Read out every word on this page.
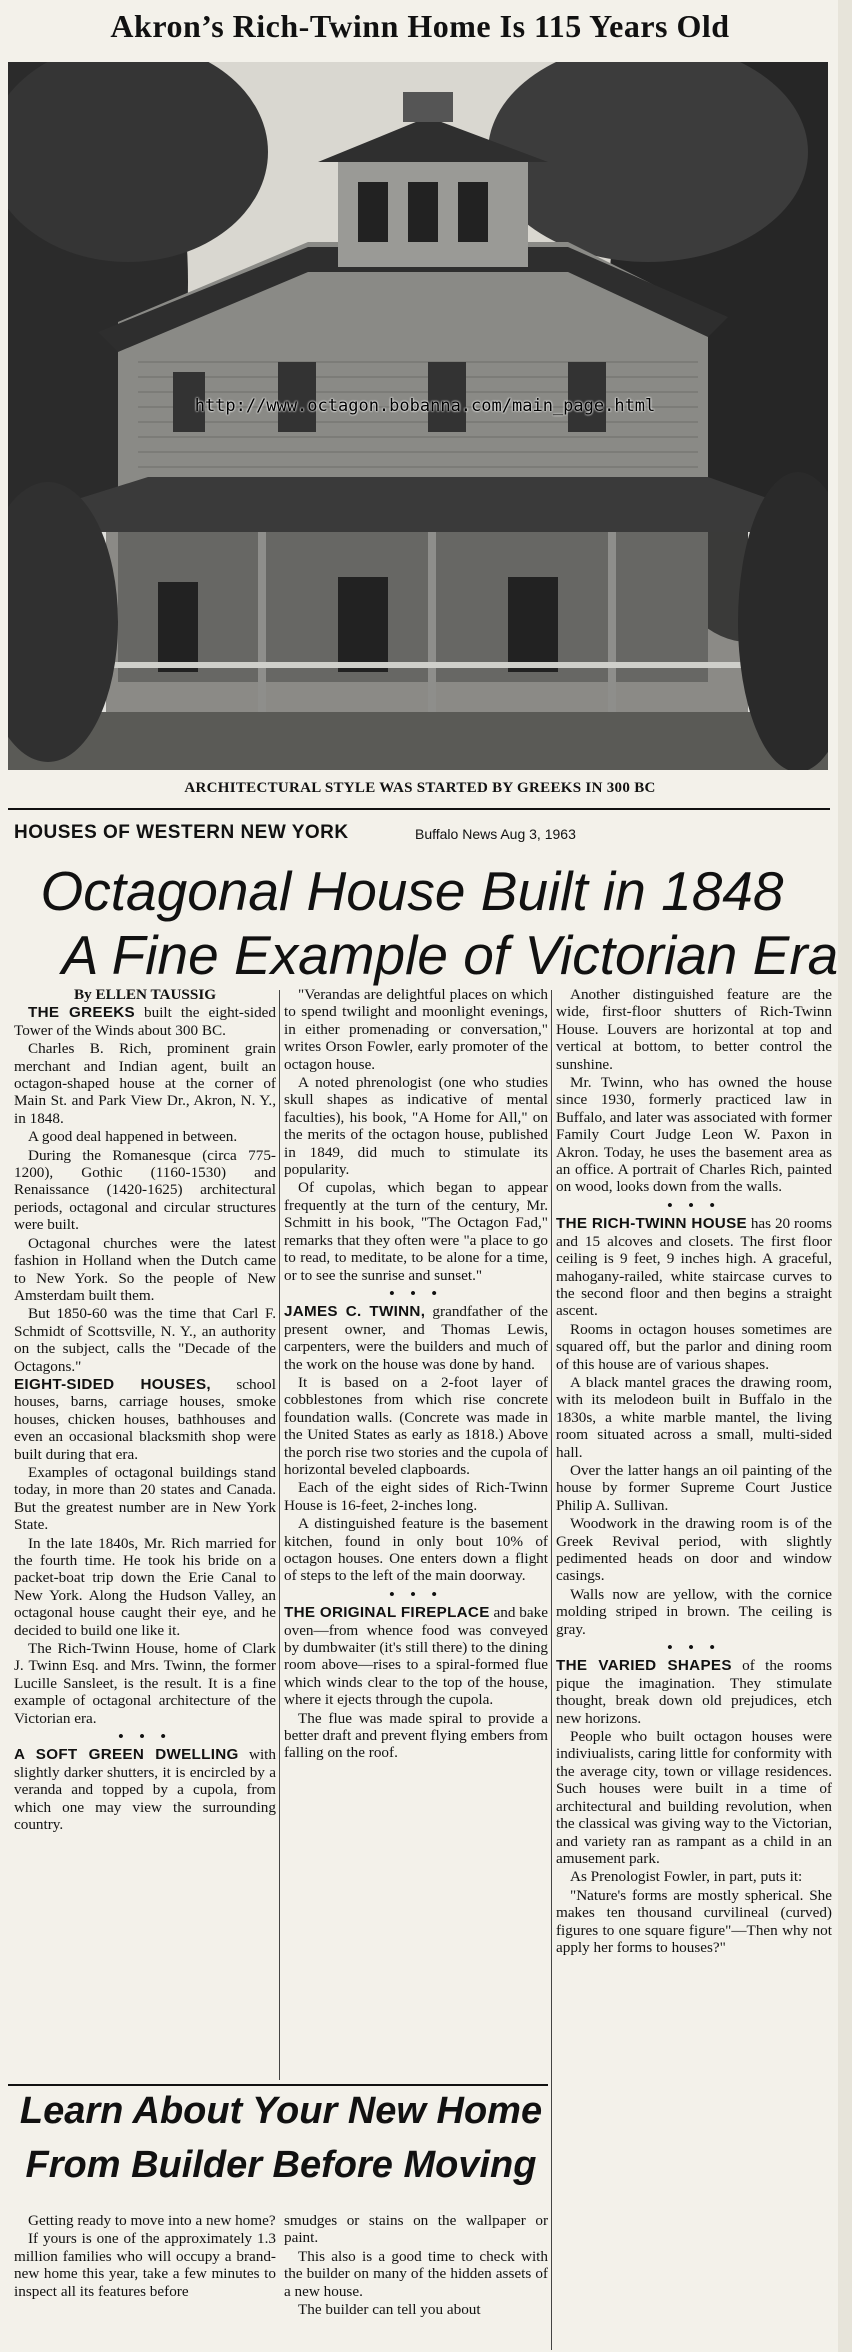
Akron’s Rich-Twinn Home Is 115 Years Old
http://www.octagon.bobanna.com/main_page.html
ARCHITECTURAL STYLE WAS STARTED BY GREEKS IN 300 BC
HOUSES OF WESTERN NEW YORK	Buffalo News Aug 3, 1963
Octagonal House Built in 1848
A Fine Example of Victorian Era

By ELLEN TAUSSIG

THE GREEKS built the eight-sided Tower of the Winds about 300 BC.

Charles B. Rich, prominent grain merchant and Indian agent, built an octagon-shaped house at the corner of Main St. and Park View Dr., Akron, N. Y., in 1848.

A good deal happened in between.

During the Romanesque (circa 775-1200), Gothic (1160-1530) and Renaissance (1420-1625) architectural periods, octagonal and circular structures were built.

Octagonal churches were the latest fashion in Holland when the Dutch came to New York. So the people of New Amsterdam built them.

But 1850-60 was the time that Carl F. Schmidt of Scottsville, N. Y., an authority on the subject, calls the "Decade of the Octagons."

EIGHT-SIDED HOUSES, school houses, barns, carriage houses, smoke houses, chicken houses, bathhouses and even an occasional blacksmith shop were built during that era.

Examples of octagonal buildings stand today, in more than 20 states and Canada. But the greatest number are in New York State.

In the late 1840s, Mr. Rich married for the fourth time. He took his bride on a packet-boat trip down the Erie Canal to New York. Along the Hudson Valley, an octagonal house caught their eye, and he decided to build one like it.

The Rich-Twinn House, home of Clark J. Twinn Esq. and Mrs. Twinn, the former Lucille Sansleet, is the result. It is a fine example of octagonal architecture of the Victorian era.

• • •

A SOFT GREEN DWELLING with slightly darker shutters, it is encircled by a veranda and topped by a cupola, from which one may view the surrounding country.

"Verandas are delightful places on which to spend twilight and moonlight evenings, in either promenading or conversation," writes Orson Fowler, early promoter of the octagon house.

A noted phrenologist (one who studies skull shapes as indicative of mental faculties), his book, "A Home for All," on the merits of the octagon house, published in 1849, did much to stimulate its popularity.

Of cupolas, which began to appear frequently at the turn of the century, Mr. Schmitt in his book, "The Octagon Fad," remarks that they often were "a place to go to read, to meditate, to be alone for a time, or to see the sunrise and sunset."

• • •

JAMES C. TWINN, grandfather of the present owner, and Thomas Lewis, carpenters, were the builders and much of the work on the house was done by hand.

It is based on a 2-foot layer of cobblestones from which rise concrete foundation walls. (Concrete was made in the United States as early as 1818.) Above the porch rise two stories and the cupola of horizontal beveled clapboards.

Each of the eight sides of Rich-Twinn House is 16-feet, 2-inches long.

A distinguished feature is the basement kitchen, found in only bout 10% of octagon houses. One enters down a flight of steps to the left of the main doorway.

• • •

THE ORIGINAL FIREPLACE and bake oven—from whence food was conveyed by dumbwaiter (it's still there) to the dining room above—rises to a spiral-formed flue which winds clear to the top of the house, where it ejects through the cupola.

The flue was made spiral to provide a better draft and prevent flying embers from falling on the roof.

Another distinguished feature are the wide, first-floor shutters of Rich-Twinn House. Louvers are horizontal at top and vertical at bottom, to better control the sunshine.

Mr. Twinn, who has owned the house since 1930, formerly practiced law in Buffalo, and later was associated with former Family Court Judge Leon W. Paxon in Akron. Today, he uses the basement area as an office. A portrait of Charles Rich, painted on wood, looks down from the walls.

• • •

THE RICH-TWINN HOUSE has 20 rooms and 15 alcoves and closets. The first floor ceiling is 9 feet, 9 inches high. A graceful, mahogany-railed, white staircase curves to the second floor and then begins a straight ascent.

Rooms in octagon houses sometimes are squared off, but the parlor and dining room of this house are of various shapes.

A black mantel graces the drawing room, with its melodeon built in Buffalo in the 1830s, a white marble mantel, the living room situated across a small, multi-sided hall.

Over the latter hangs an oil painting of the house by former Supreme Court Justice Philip A. Sullivan.

Woodwork in the drawing room is of the Greek Revival period, with slightly pedimented heads on door and window casings.

Walls now are yellow, with the cornice molding striped in brown. The ceiling is gray.

• • •

THE VARIED SHAPES of the rooms pique the imagination. They stimulate thought, break down old prejudices, etch new horizons.

People who built octagon houses were indiviualists, caring little for conformity with the average city, town or village residences. Such houses were built in a time of architectural and building revolution, when the classical was giving way to the Victorian, and variety ran as rampant as a child in an amusement park.

As Prenologist Fowler, in part, puts it:

"Nature's forms are mostly spherical. She makes ten thousand curvilineal (curved) figures to one square figure"—Then why not apply her forms to houses?"

Learn About Your New Home
From Builder Before Moving

Getting ready to move into a new home?

If yours is one of the approximately 1.3 million families who will occupy a brand-new home this year, take a few minutes to inspect all its features before

smudges or stains on the wallpaper or paint.

This also is a good time to check with the builder on many of the hidden assets of a new house.

The builder can tell you about
